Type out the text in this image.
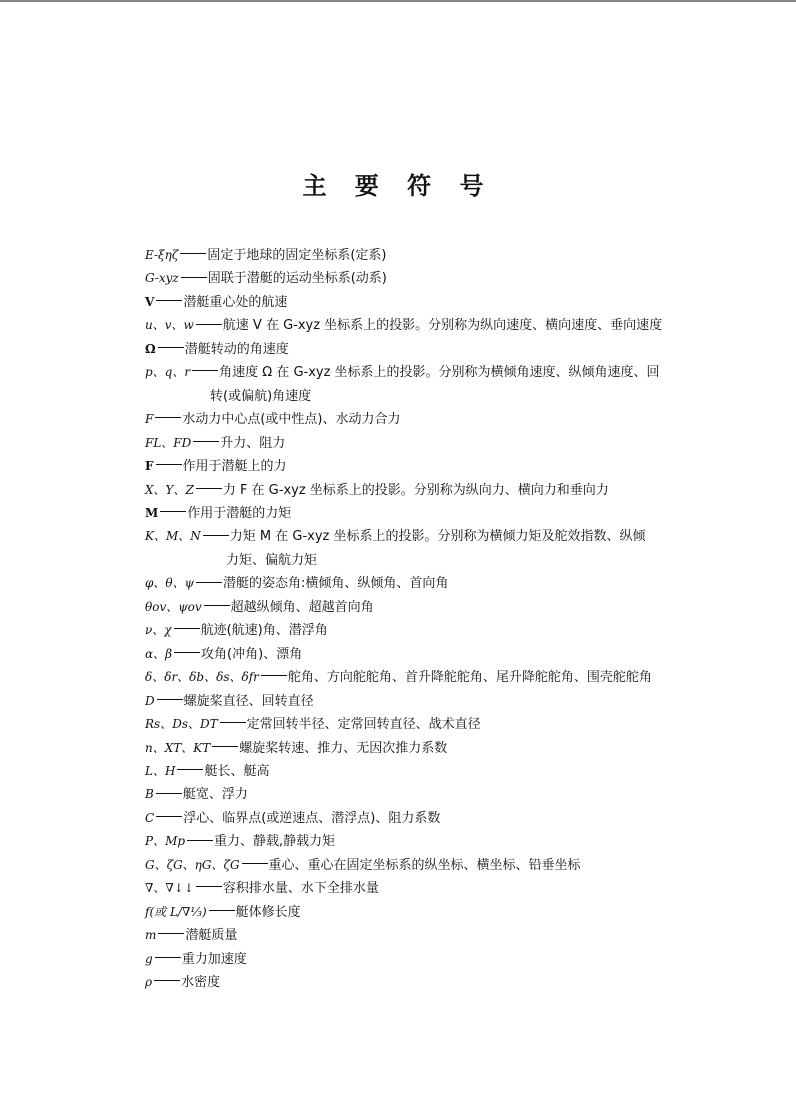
主 要 符 号
E-ξηζ 固定于地球的固定坐标系(定系)
G-xyz 固联于潜艇的运动坐标系(动系)
V 潜艇重心处的航速
u、v、w 航速 V 在 G-xyz 坐标系上的投影。分别称为纵向速度、横向速度、垂向速度
Ω 潜艇转动的角速度
p、q、r 角速度 Ω 在 G-xyz 坐标系上的投影。分别称为横倾角速度、纵倾角速度、回
转(或偏航)角速度
F 水动力中心点(或中性点)、水动力合力
FL、FD 升力、阻力
F 作用于潜艇上的力
X、Y、Z 力 F 在 G-xyz 坐标系上的投影。分别称为纵向力、横向力和垂向力
M 作用于潜艇的力矩
K、M、N 力矩 M 在 G-xyz 坐标系上的投影。分别称为横倾力矩及舵效指数、纵倾
力矩、偏航力矩
φ、θ、ψ 潜艇的姿态角:横倾角、纵倾角、首向角
θov、ψov 超越纵倾角、超越首向角
ν、χ 航迹(航速)角、潜浮角
α、β 攻角(冲角)、漂角
δ、δr、δb、δs、δfr 舵角、方向舵舵角、首升降舵舵角、尾升降舵舵角、围壳舵舵角
D 螺旋桨直径、回转直径
Rs、Ds、DT 定常回转半径、定常回转直径、战术直径
n、XT、KT 螺旋桨转速、推力、无因次推力系数
L、H 艇长、艇高
B 艇宽、浮力
C 浮心、临界点(或逆速点、潜浮点)、阻力系数
P、Mp 重力、静载,静载力矩
G、ζG、ηG、ζG 重心、重心在固定坐标系的纵坐标、横坐标、铅垂坐标
∇、∇↓↓ 容积排水量、水下全排水量
f(或 L/∇⅓) 艇体修长度
m 潜艇质量
g 重力加速度
ρ 水密度
